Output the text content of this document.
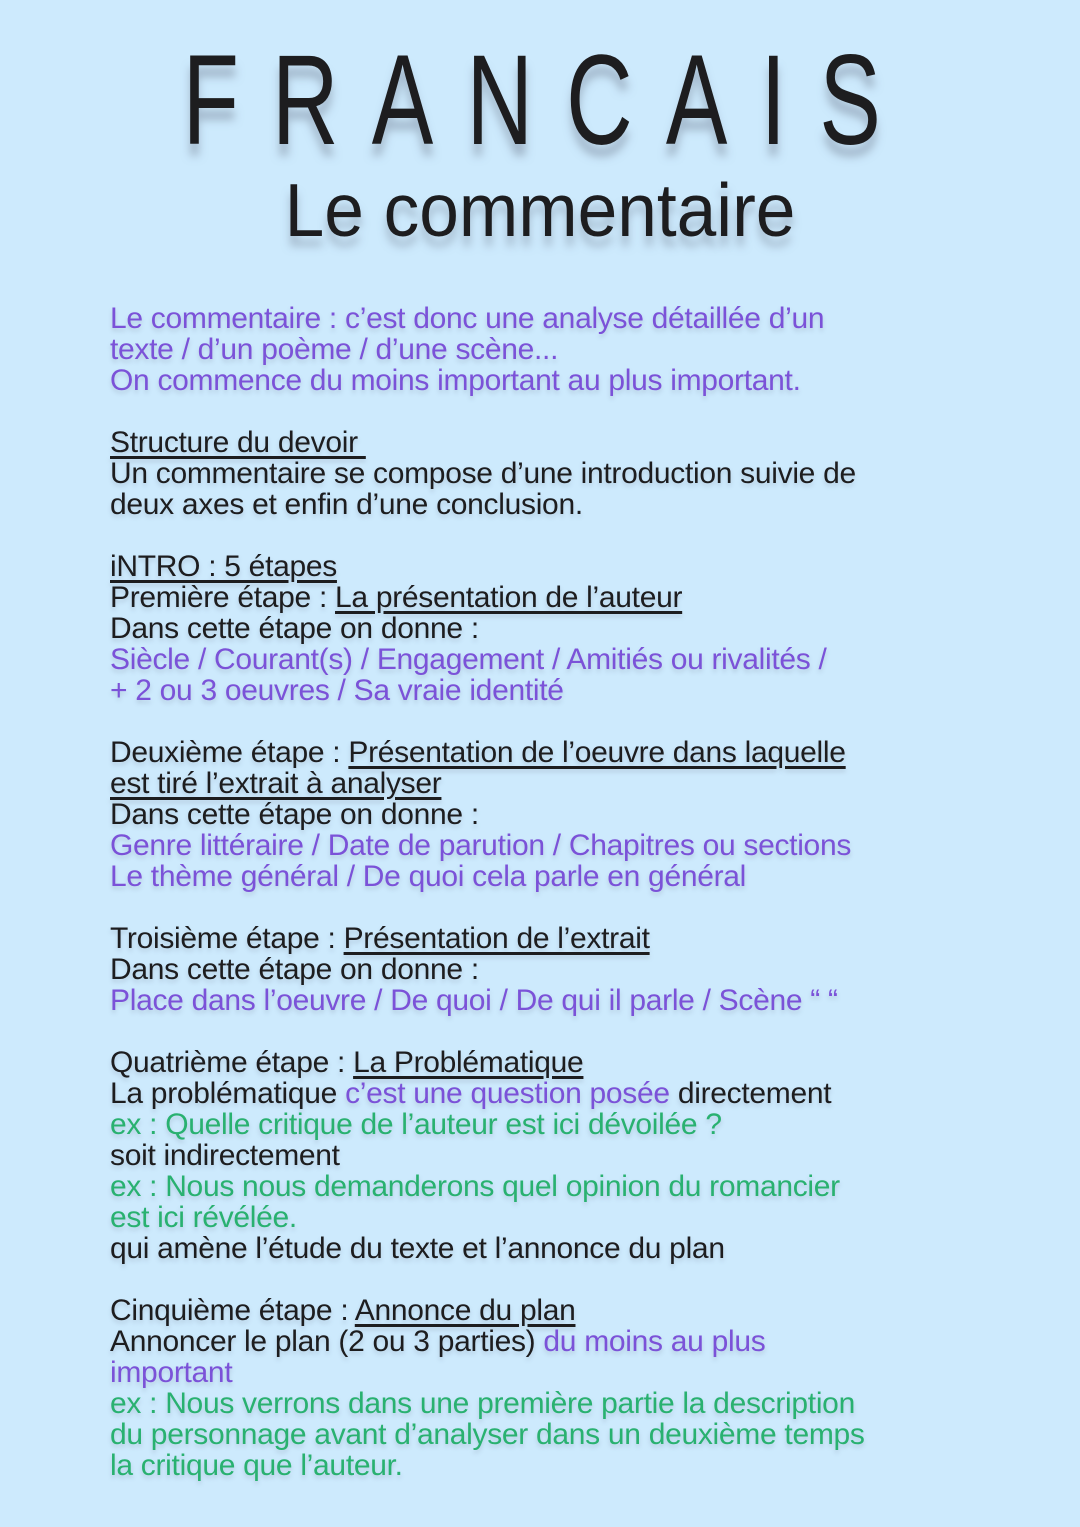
FRANCAIS
Le commentaire

Le commentaire : c’est donc une analyse détaillée d’un
texte / d’un poème / d’une scène...
On commence du moins important au plus important.

Structure du devoir
Un commentaire se compose d’une introduction suivie de
deux axes et enfin d’une conclusion.

iNTRO : 5 étapes
Première étape : La présentation de l’auteur
Dans cette étape on donne :
Siècle / Courant(s) / Engagement / Amitiés ou rivalités /
+ 2 ou 3 oeuvres / Sa vraie identité

Deuxième étape : Présentation de l’oeuvre dans laquelle
est tiré l’extrait à analyser
Dans cette étape on donne :
Genre littéraire / Date de parution / Chapitres ou sections
Le thème général / De quoi cela parle en général

Troisième étape : Présentation de l’extrait
Dans cette étape on donne :
Place dans l’oeuvre / De quoi / De qui il parle / Scène “ “

Quatrième étape : La Problématique
La problématique c’est une question posée directement
ex : Quelle critique de l’auteur est ici dévoilée ?
soit indirectement
ex : Nous nous demanderons quel opinion du romancier
est ici révélée.
qui amène l’étude du texte et l’annonce du plan

Cinquième étape : Annonce du plan
Annoncer le plan (2 ou 3 parties) du moins au plus
important
ex : Nous verrons dans une première partie la description
du personnage avant d’analyser dans un deuxième temps
la critique que l’auteur.
